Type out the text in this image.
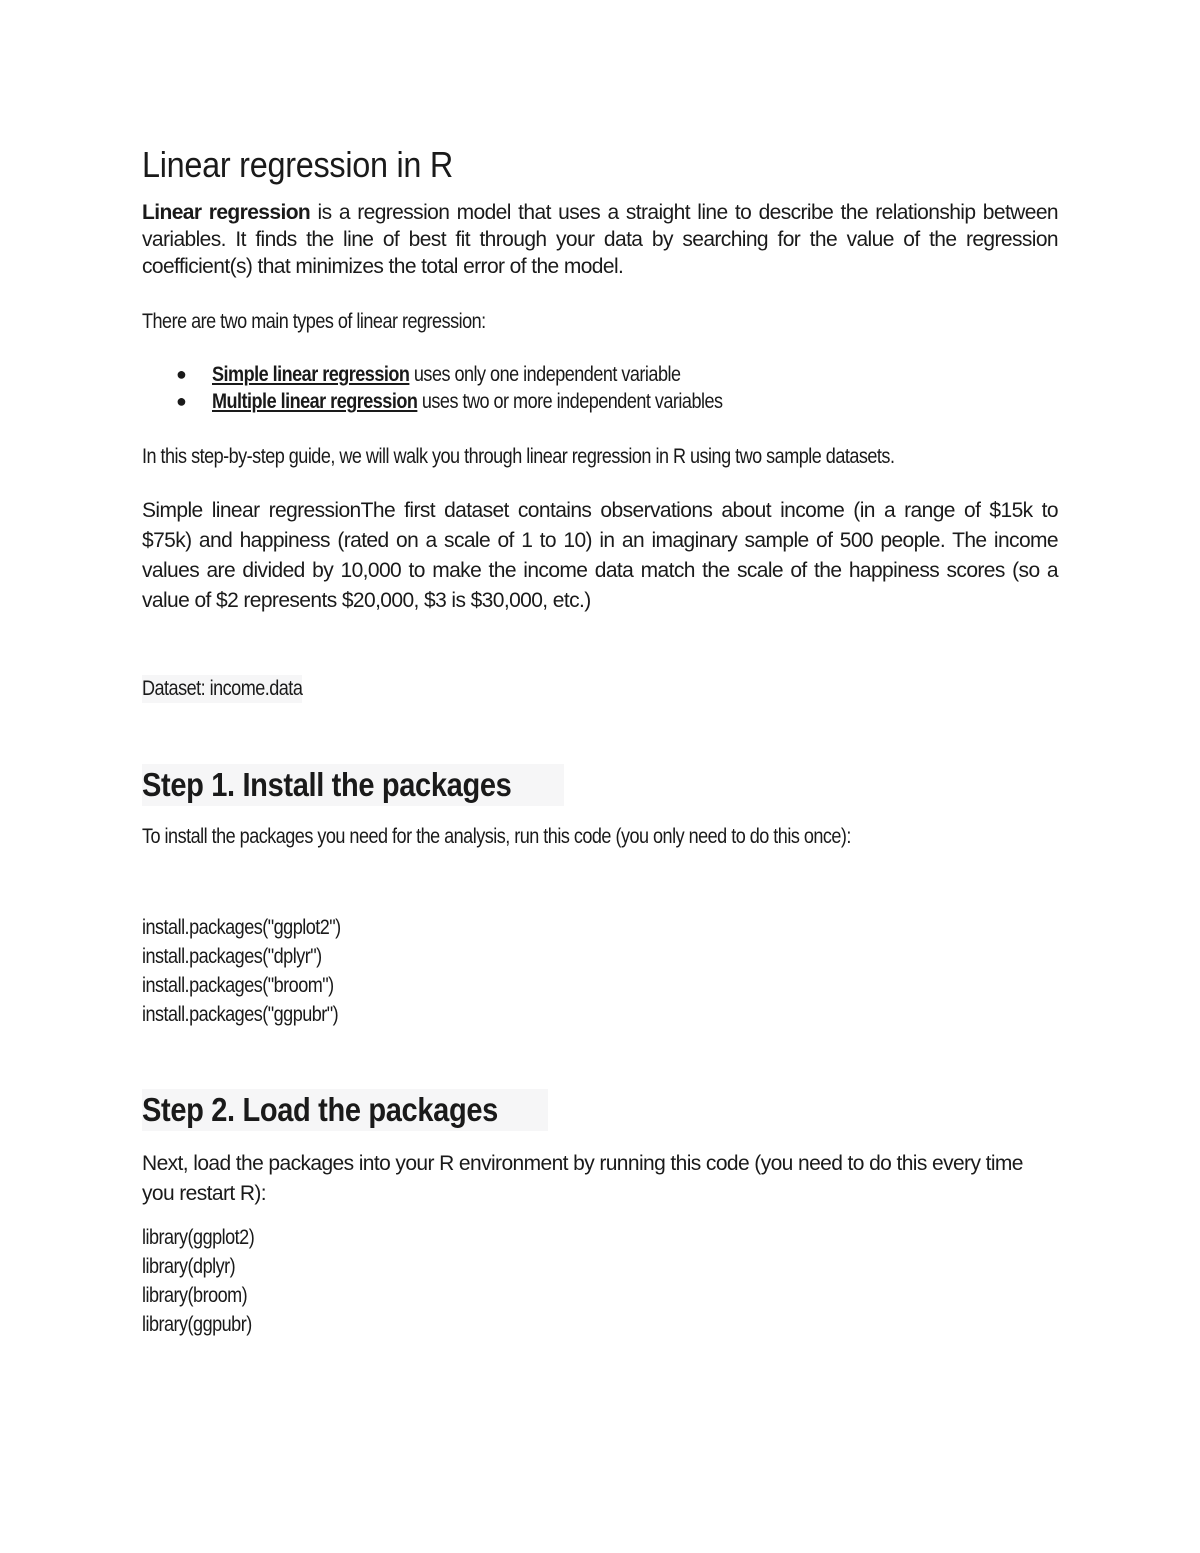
Linear regression in R

Linear regression is a regression model that uses a straight line to describe the relationship between variables. It finds the line of best fit through your data by searching for the value of the regression coefficient(s) that minimizes the total error of the model.

There are two main types of linear regression:

● Simple linear regression uses only one independent variable
● Multiple linear regression uses two or more independent variables

In this step-by-step guide, we will walk you through linear regression in R using two sample datasets.

Simple linear regressionThe first dataset contains observations about income (in a range of $15k to $75k) and happiness (rated on a scale of 1 to 10) in an imaginary sample of 500 people. The income values are divided by 10,000 to make the income data match the scale of the happiness scores (so a value of $2 represents $20,000, $3 is $30,000, etc.)

Dataset: income.data

Step 1. Install the packages

To install the packages you need for the analysis, run this code (you only need to do this once):

install.packages("ggplot2")
install.packages("dplyr")
install.packages("broom")
install.packages("ggpubr")
Step 2. Load the packages

Next, load the packages into your R environment by running this code (you need to do this every time you restart R):

library(ggplot2)
library(dplyr)
library(broom)
library(ggpubr)
